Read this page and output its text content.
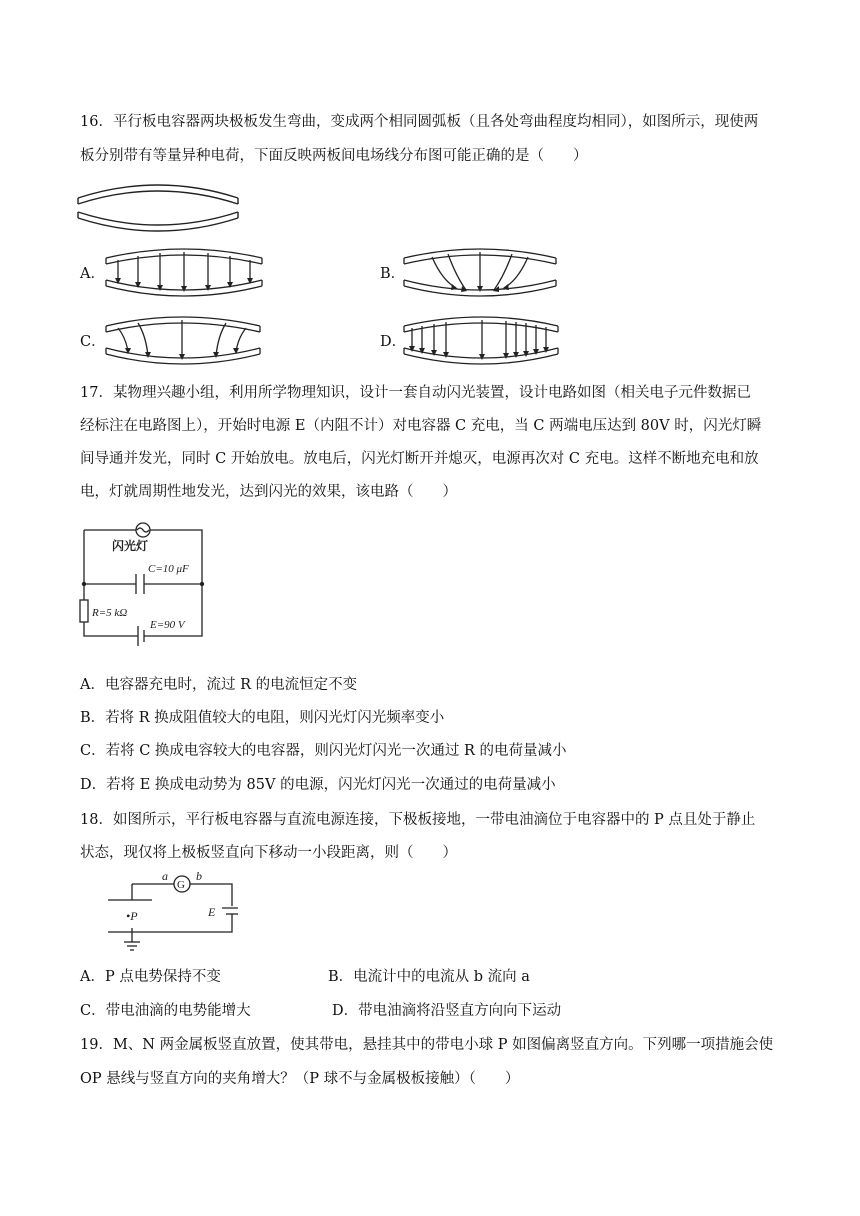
16．平行板电容器两块极板发生弯曲，变成两个相同圆弧板（且各处弯曲程度均相同），如图所示，现使两
板分别带有等量异种电荷，下面反映两板间电场线分布图可能正确的是（　　）
A．	B．
C．	D．
17．某物理兴趣小组，利用所学物理知识，设计一套自动闪光装置，设计电路如图（相关电子元件数据已
经标注在电路图上），开始时电源 E（内阻不计）对电容器 C 充电，当 C 两端电压达到 80V 时，闪光灯瞬
间导通并发光，同时 C 开始放电。放电后，闪光灯断开并熄灭，电源再次对 C 充电。这样不断地充电和放
电，灯就周期性地发光，达到闪光的效果，该电路（　　）
闪光灯
C=10 μF
R=5 kΩ
E=90 V
A．电容器充电时，流过 R 的电流恒定不变
B．若将 R 换成阻值较大的电阻，则闪光灯闪光频率变小
C．若将 C 换成电容较大的电容器，则闪光灯闪光一次通过 R 的电荷量减小
D．若将 E 换成电动势为 85V 的电源，闪光灯闪光一次通过的电荷量减小
18．如图所示，平行板电容器与直流电源连接，下极板接地，一带电油滴位于电容器中的 P 点且处于静止
状态，现仅将上极板竖直向下移动一小段距离，则（　　）
a
G
b
•P	E
A．P 点电势保持不变	B．电流计中的电流从 b 流向 a
C．带电油滴的电势能增大	D．带电油滴将沿竖直方向向下运动
19．M、N 两金属板竖直放置，使其带电，悬挂其中的带电小球 P 如图偏离竖直方向。下列哪一项措施会使
OP 悬线与竖直方向的夹角增大？（P 球不与金属极板接触）（　　）
